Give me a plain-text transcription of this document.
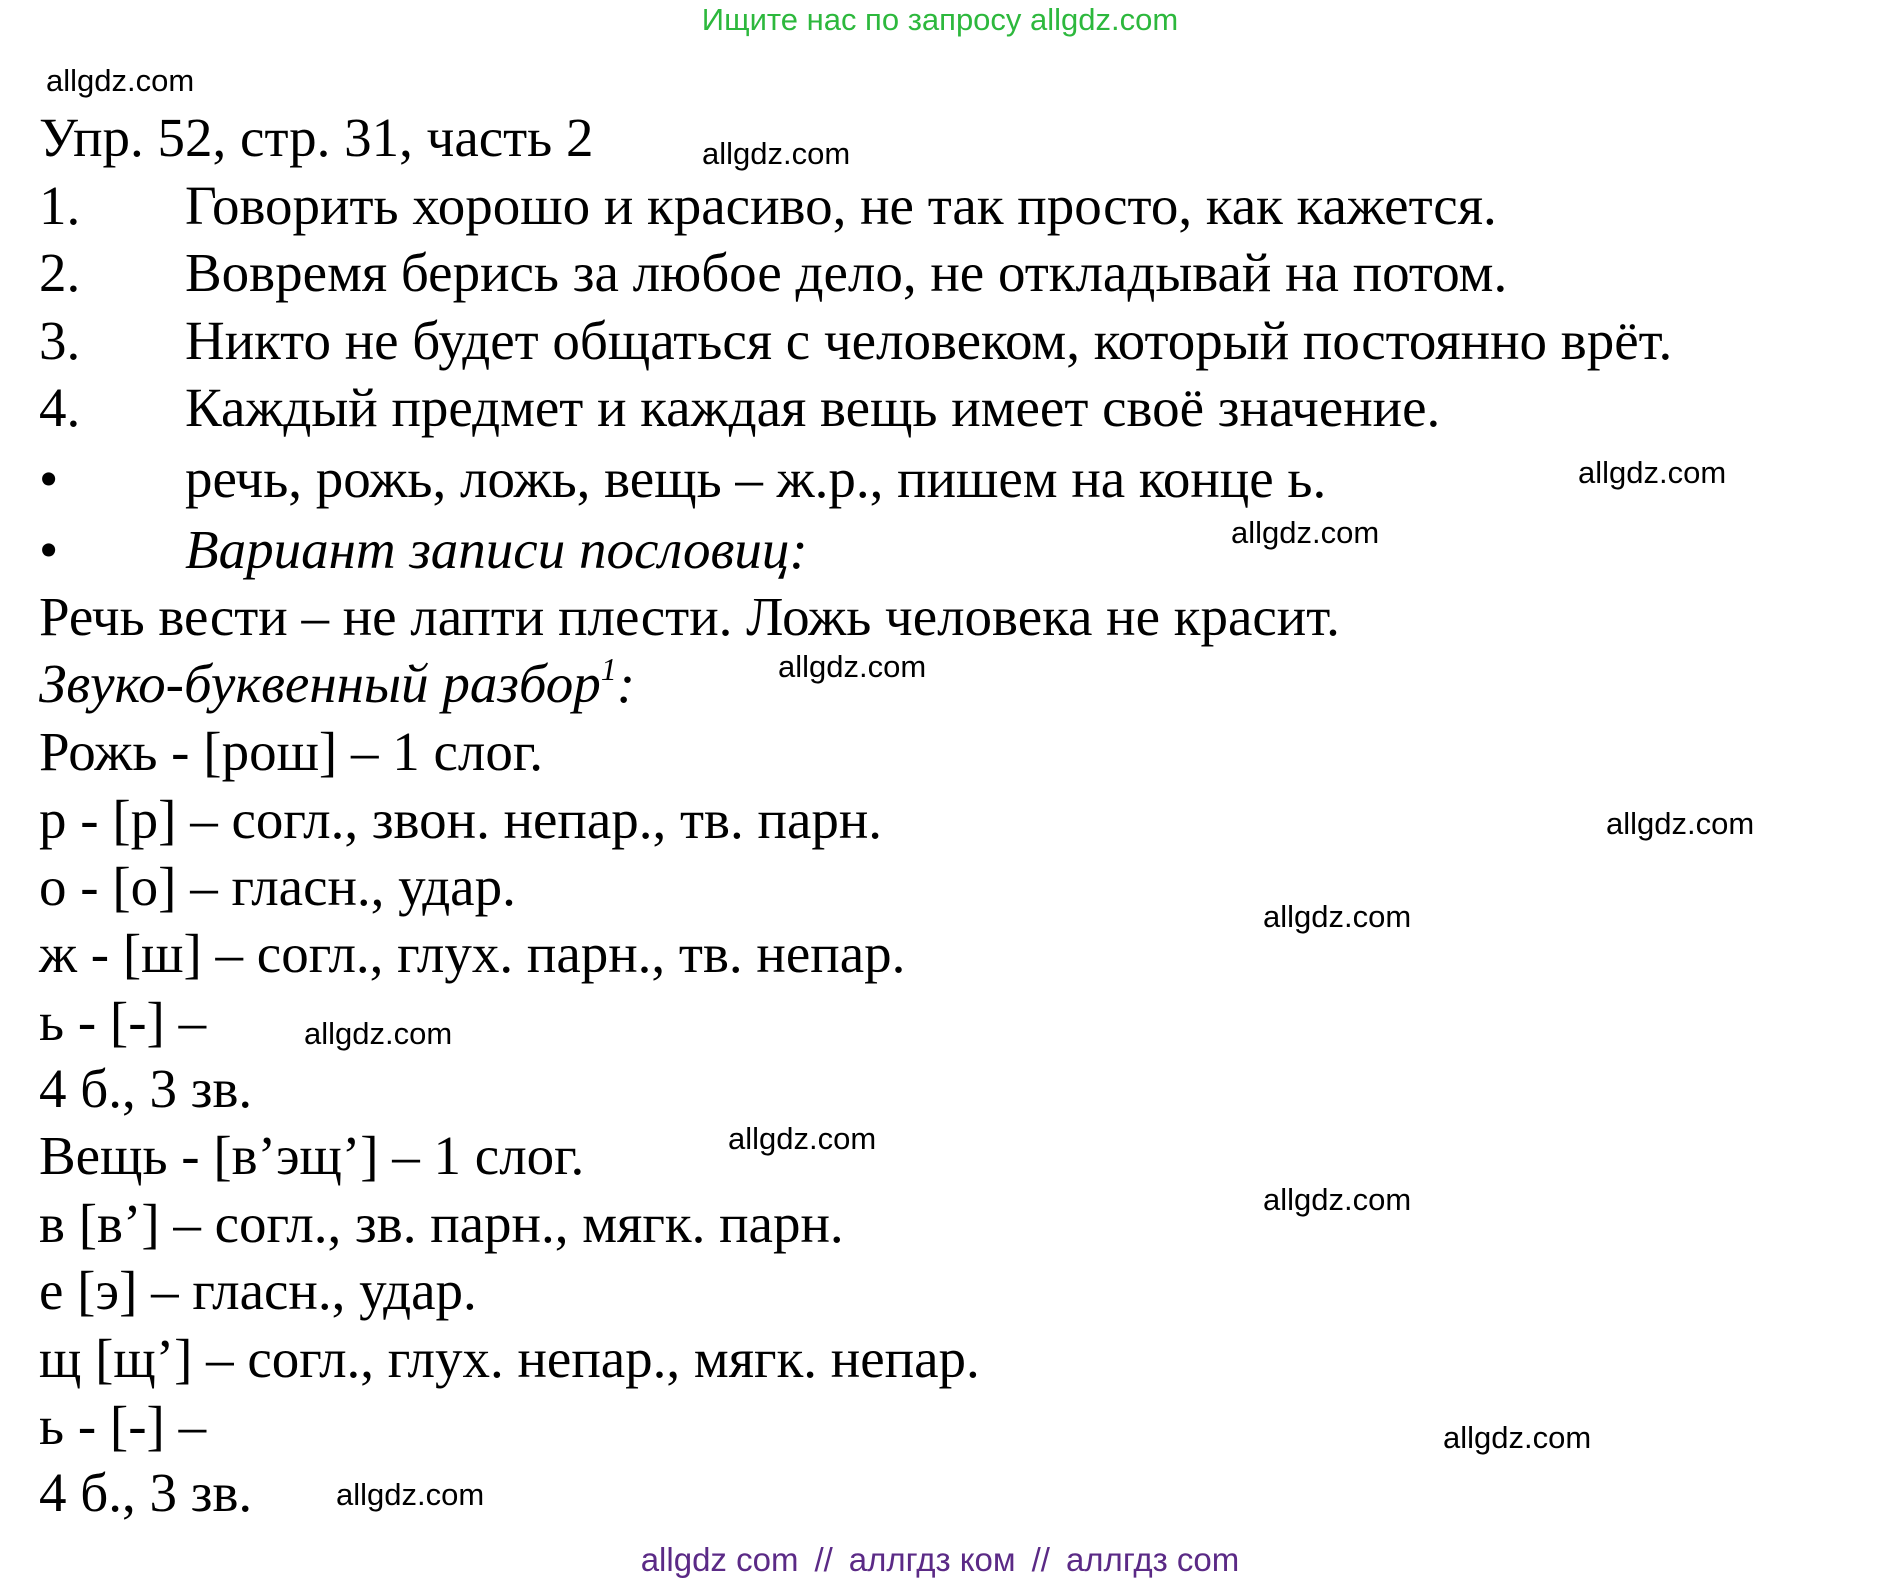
Ищите нас по запросу allgdz.com
allgdz.com
allgdz.com
allgdz.com
allgdz.com
allgdz.com
allgdz.com
allgdz.com
allgdz.com
allgdz.com
allgdz.com
allgdz.com
allgdz.com
Упр. 52, стр. 31, часть 2
1. Говорить хорошо и красиво, не так просто, как кажется.
2. Вовремя берись за любое дело, не откладывай на потом.
3. Никто не будет общаться с человеком, который постоянно врёт.
4. Каждый предмет и каждая вещь имеет своё значение.
• речь, рожь, ложь, вещь – ж.р., пишем на конце ь.
• Вариант записи пословиц:
Речь вести – не лапти плести. Ложь человека не красит.
Звуко-буквенный разбор$^1$:
Рожь - [рош] – 1 слог.
р - [р] – согл., звон. непар., тв. парн.
о - [о] – гласн., удар.
ж - [ш] – согл., глух. парн., тв. непар.
ь - [-] –
4 б., 3 зв.
Вещь - [в’эщ’] – 1 слог.
в [в’] – согл., зв. парн., мягк. парн.
е [э] – гласн., удар.
щ [щ’] – согл., глух. непар., мягк. непар.
ь - [-] –
4 б., 3 зв.
allgdz com // аллгдз ком // аллгдз com
